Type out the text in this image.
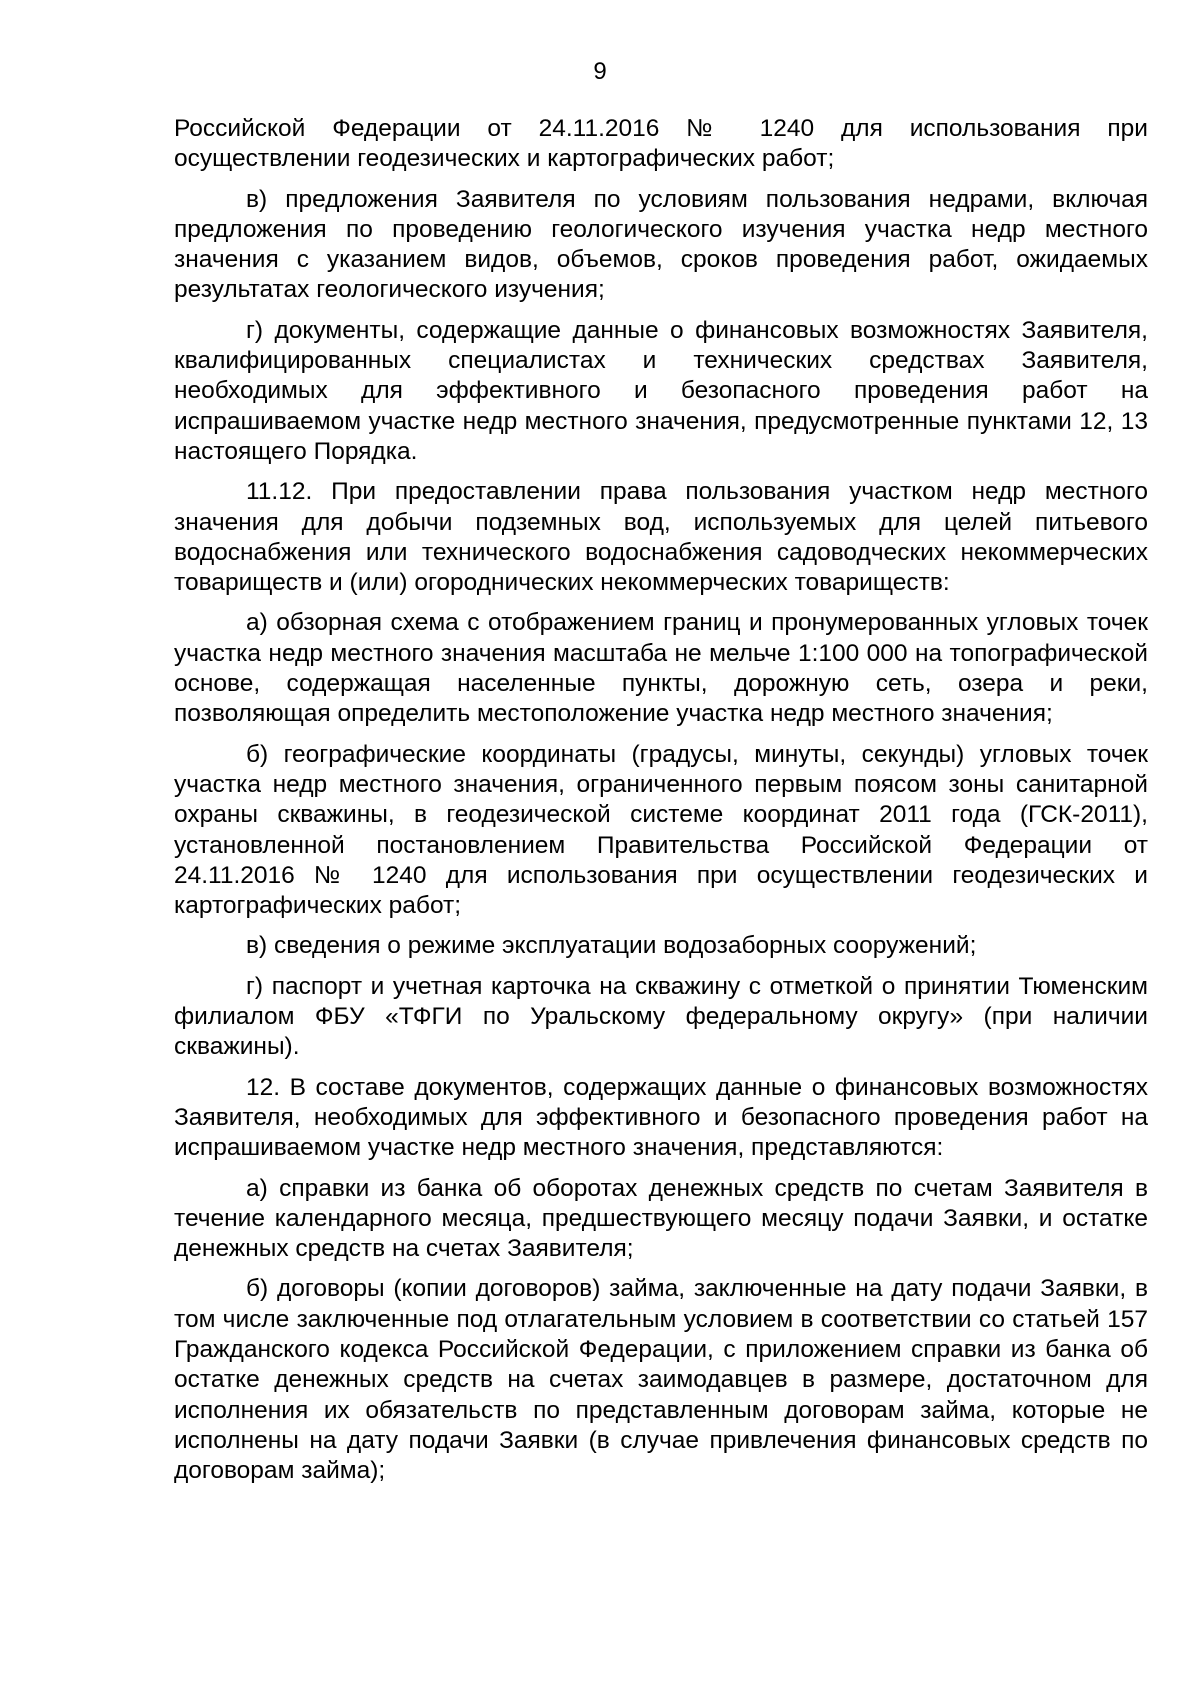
9

Российской Федерации от 24.11.2016 № 1240 для использования при осуществлении геодезических и картографических работ;

в) предложения Заявителя по условиям пользования недрами, включая предложения по проведению геологического изучения участка недр местного значения с указанием видов, объемов, сроков проведения работ, ожидаемых результатах геологического изучения;

г) документы, содержащие данные о финансовых возможностях Заявителя, квалифицированных специалистах и технических средствах Заявителя, необходимых для эффективного и безопасного проведения работ на испрашиваемом участке недр местного значения, предусмотренные пунктами 12, 13 настоящего Порядка.

11.12. При предоставлении права пользования участком недр местного значения для добычи подземных вод, используемых для целей питьевого водоснабжения или технического водоснабжения садоводческих некоммерческих товариществ и (или) огороднических некоммерческих товариществ:

а) обзорная схема с отображением границ и пронумерованных угловых точек участка недр местного значения масштаба не мельче 1:100 000 на топографической основе, содержащая населенные пункты, дорожную сеть, озера и реки, позволяющая определить местоположение участка недр местного значения;

б) географические координаты (градусы, минуты, секунды) угловых точек участка недр местного значения, ограниченного первым поясом зоны санитарной охраны скважины, в геодезической системе координат 2011 года (ГСК-2011), установленной постановлением Правительства Российской Федерации от 24.11.2016 № 1240 для использования при осуществлении геодезических и картографических работ;

в) сведения о режиме эксплуатации водозаборных сооружений;

г) паспорт и учетная карточка на скважину с отметкой о принятии Тюменским филиалом ФБУ «ТФГИ по Уральскому федеральному округу» (при наличии скважины).

12. В составе документов, содержащих данные о финансовых возможностях Заявителя, необходимых для эффективного и безопасного проведения работ на испрашиваемом участке недр местного значения, представляются:

а) справки из банка об оборотах денежных средств по счетам Заявителя в течение календарного месяца, предшествующего месяцу подачи Заявки, и остатке денежных средств на счетах Заявителя;

б) договоры (копии договоров) займа, заключенные на дату подачи Заявки, в том числе заключенные под отлагательным условием в соответствии со статьей 157 Гражданского кодекса Российской Федерации, с приложением справки из банка об остатке денежных средств на счетах заимодавцев в размере, достаточном для исполнения их обязательств по представленным договорам займа, которые не исполнены на дату подачи Заявки (в случае привлечения финансовых средств по договорам займа);
